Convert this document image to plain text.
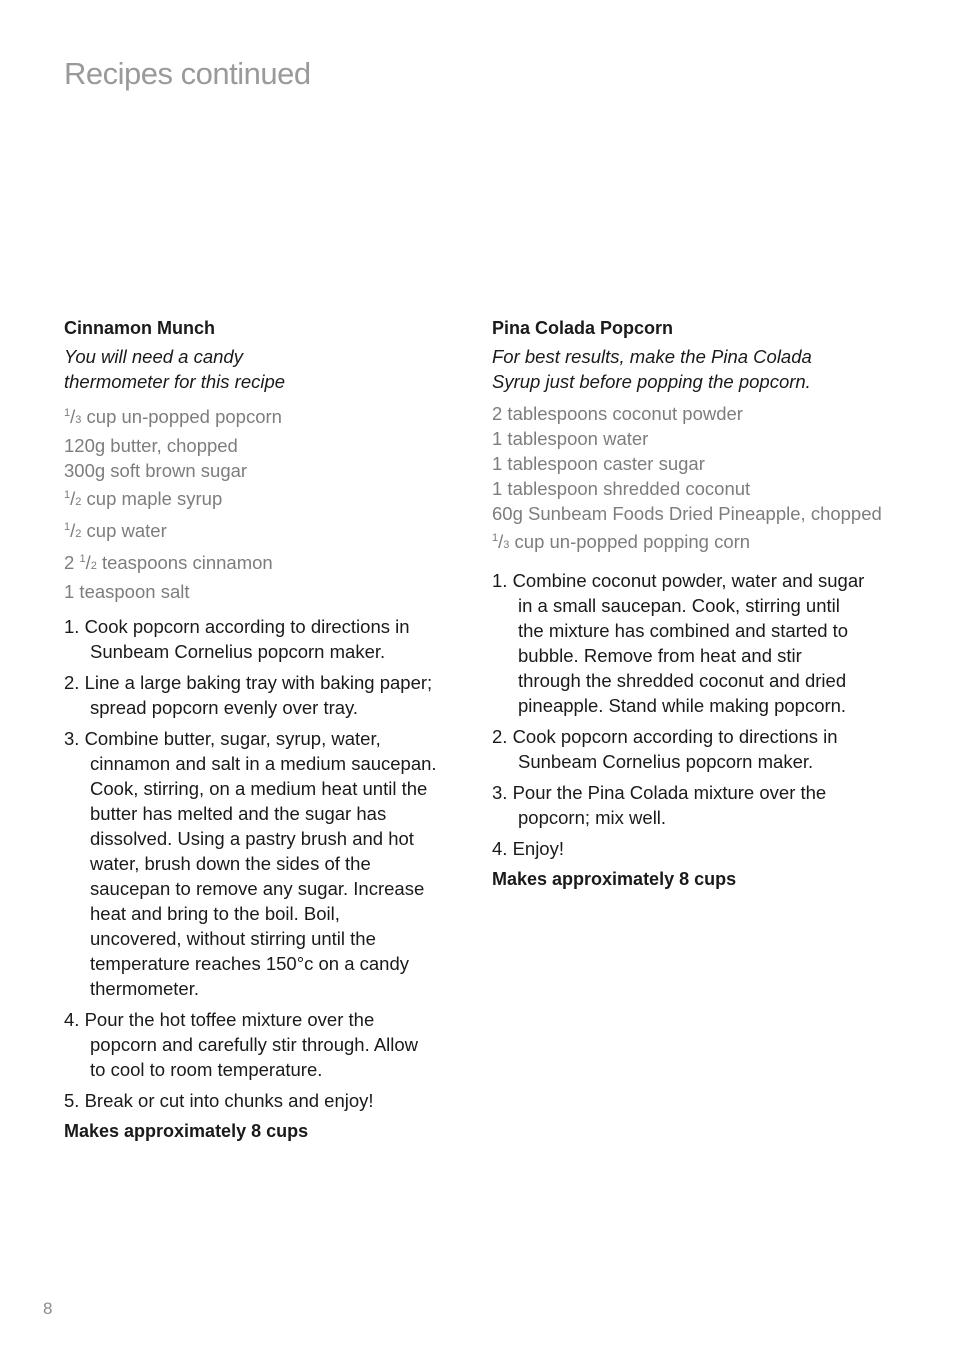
Recipes continued
Cinnamon Munch
You will need a candy
thermometer for this recipe
$^1$/3 cup un-popped popcorn
120g butter, chopped
300g soft brown sugar
$^1$/2 cup maple syrup
$^1$/2 cup water
2 $^1$/2 teaspoons cinnamon
1 teaspoon salt
1. Cook popcorn according to directions in
Sunbeam Cornelius popcorn maker.
2. Line a large baking tray with baking paper;
spread popcorn evenly over tray.
3. Combine butter, sugar, syrup, water,
cinnamon and salt in a medium saucepan.
Cook, stirring, on a medium heat until the
butter has melted and the sugar has
dissolved. Using a pastry brush and hot
water, brush down the sides of the
saucepan to remove any sugar. Increase
heat and bring to the boil. Boil,
uncovered, without stirring until the
temperature reaches 150°c on a candy
thermometer.
4. Pour the hot toffee mixture over the
popcorn and carefully stir through. Allow
to cool to room temperature.
5. Break or cut into chunks and enjoy!
Makes approximately 8 cups
Pina Colada Popcorn
For best results, make the Pina Colada
Syrup just before popping the popcorn.
2 tablespoons coconut powder
1 tablespoon water
1 tablespoon caster sugar
1 tablespoon shredded coconut
60g Sunbeam Foods Dried Pineapple, chopped
$^1$/3 cup un-popped popping corn
1. Combine coconut powder, water and sugar
in a small saucepan. Cook, stirring until
the mixture has combined and started to
bubble. Remove from heat and stir
through the shredded coconut and dried
pineapple. Stand while making popcorn.
2. Cook popcorn according to directions in
Sunbeam Cornelius popcorn maker.
3. Pour the Pina Colada mixture over the
popcorn; mix well.
4. Enjoy!
Makes approximately 8 cups
8
